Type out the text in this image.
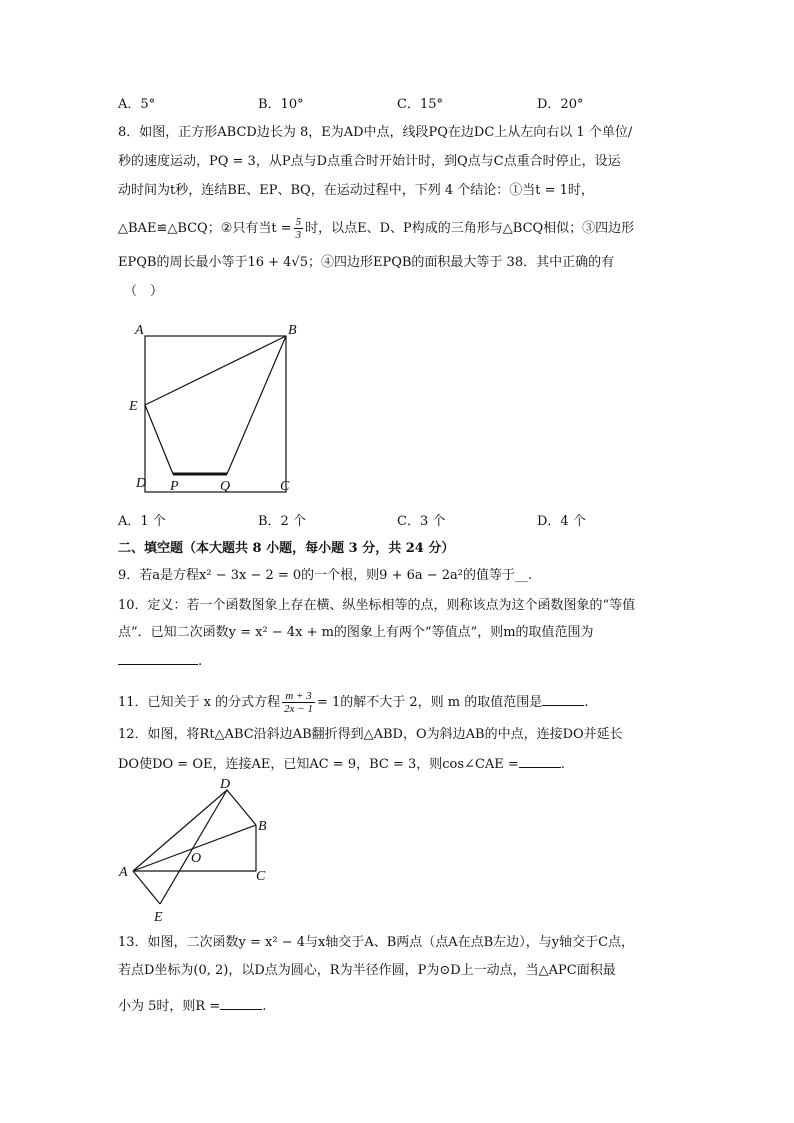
A．5°	B．10°	C．15°	D．20°
8．如图，正方形ABCD边长为 8，E为AD中点，线段PQ在边DC上从左向右以 1 个单位/
秒的速度运动，PQ = 3，从P点与D点重合时开始计时，到Q点与C点重合时停止，设运
动时间为t秒，连结BE、EP、BQ，在运动过程中，下列 4 个结论：①当t = 1时，
△BAE≌△BCQ；②只有当$t = \frac{5}{3}$ 时，以点E、D、P构成的三角形与△BCQ相似；③四边形
EPQB的周长最小等于16 + 4√5；④四边形EPQB的面积最大等于 38．其中正确的有
（　）
A	B
E
D P	Q	C
A．1 个	B．2 个	C．3 个	D．4 个
二、填空题（本大题共 8 小题，每小题 3 分，共 24 分）
9．若a是方程x² − 3x − 2 = 0的一个根，则9 + 6a − 2a²的值等于__.
10．定义：若一个函数图象上存在横、纵坐标相等的点，则称该点为这个函数图象的“等值
点”．已知二次函数y = x² − 4x + m的图象上有两个“等值点”，则m的取值范围为
.
11．已知关于 x 的分式方程 $\frac{m + 3}{2x - 1} = 1$的解不大于 2，则 m 的取值范围是	.
12．如图，将Rt△ABC沿斜边AB翻折得到△ABD，O为斜边AB的中点，连接DO并延长
DO使DO = OE，连接AE，已知AC = 9，BC = 3，则cos∠CAE =	.
D
B
O
A	C
E
13．如图，二次函数y = x² − 4与x轴交于A、B两点（点A在点B左边），与y轴交于C点，
若点D坐标为(0, 2)，以D点为圆心，R为半径作圆，P为⊙D上一动点，当△APC面积最
小为 5时，则R =	.
